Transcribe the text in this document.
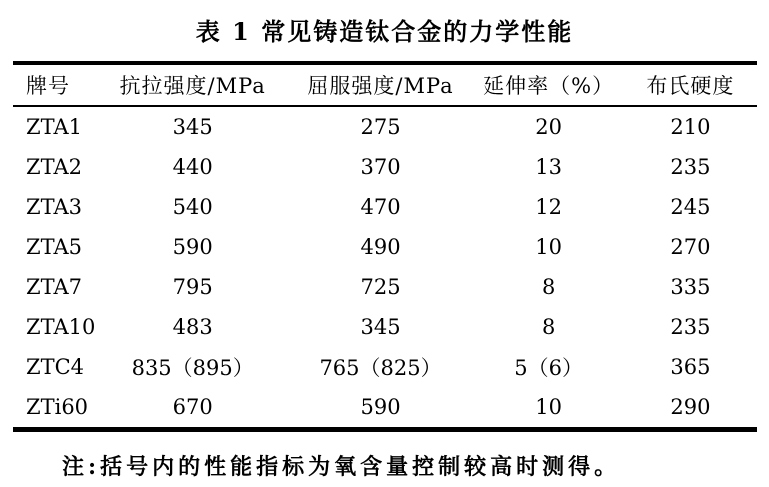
表 1 常见铸造钛合金的力学性能
牌号	抗拉强度/MPa	屈服强度/MPa	延伸率（%）	布氏硬度
ZTA1	345	275	20	210
ZTA2	440	370	13	235
ZTA3	540	470	12	245
ZTA5	590	490	10	270
ZTA7	795	725	8	335
ZTA10	483	345	8	235
ZTC4	835（895）	765（825）	5（6）	365
ZTi60	670	590	10	290
注:括号内的性能指标为氧含量控制较高时测得。
